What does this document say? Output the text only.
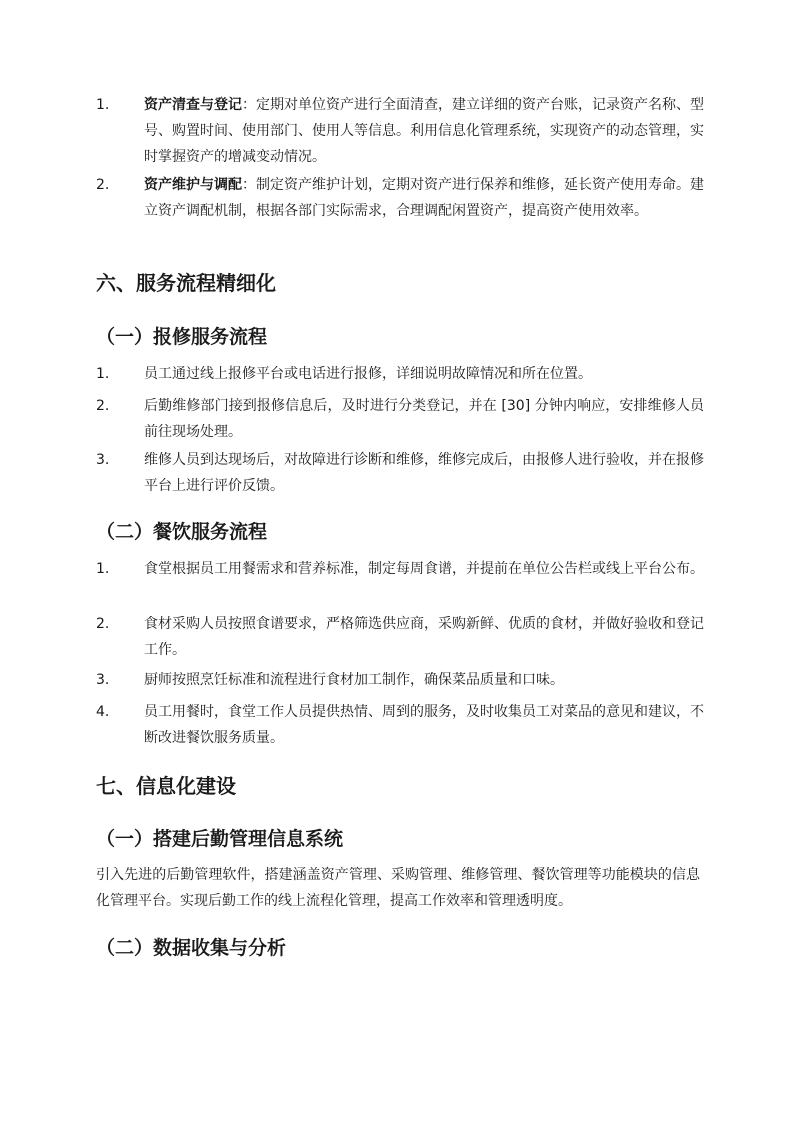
1. 资产清查与登记：定期对单位资产进行全面清查，建立详细的资产台账，记录资产名称、型号、购置时间、使用部门、使用人等信息。利用信息化管理系统，实现资产的动态管理，实时掌握资产的增减变动情况。
2. 资产维护与调配：制定资产维护计划，定期对资产进行保养和维修，延长资产使用寿命。建立资产调配机制，根据各部门实际需求，合理调配闲置资产，提高资产使用效率。
六、服务流程精细化
（一）报修服务流程
1. 员工通过线上报修平台或电话进行报修，详细说明故障情况和所在位置。
2. 后勤维修部门接到报修信息后，及时进行分类登记，并在 [30] 分钟内响应，安排维修人员前往现场处理。
3. 维修人员到达现场后，对故障进行诊断和维修，维修完成后，由报修人进行验收，并在报修平台上进行评价反馈。
（二）餐饮服务流程
1. 食堂根据员工用餐需求和营养标准，制定每周食谱，并提前在单位公告栏或线上平台公布。
2. 食材采购人员按照食谱要求，严格筛选供应商，采购新鲜、优质的食材，并做好验收和登记工作。
3. 厨师按照烹饪标准和流程进行食材加工制作，确保菜品质量和口味。
4. 员工用餐时，食堂工作人员提供热情、周到的服务，及时收集员工对菜品的意见和建议，不断改进餐饮服务质量。
七、信息化建设
（一）搭建后勤管理信息系统
引入先进的后勤管理软件，搭建涵盖资产管理、采购管理、维修管理、餐饮管理等功能模块的信息化管理平台。实现后勤工作的线上流程化管理，提高工作效率和管理透明度。
（二）数据收集与分析
